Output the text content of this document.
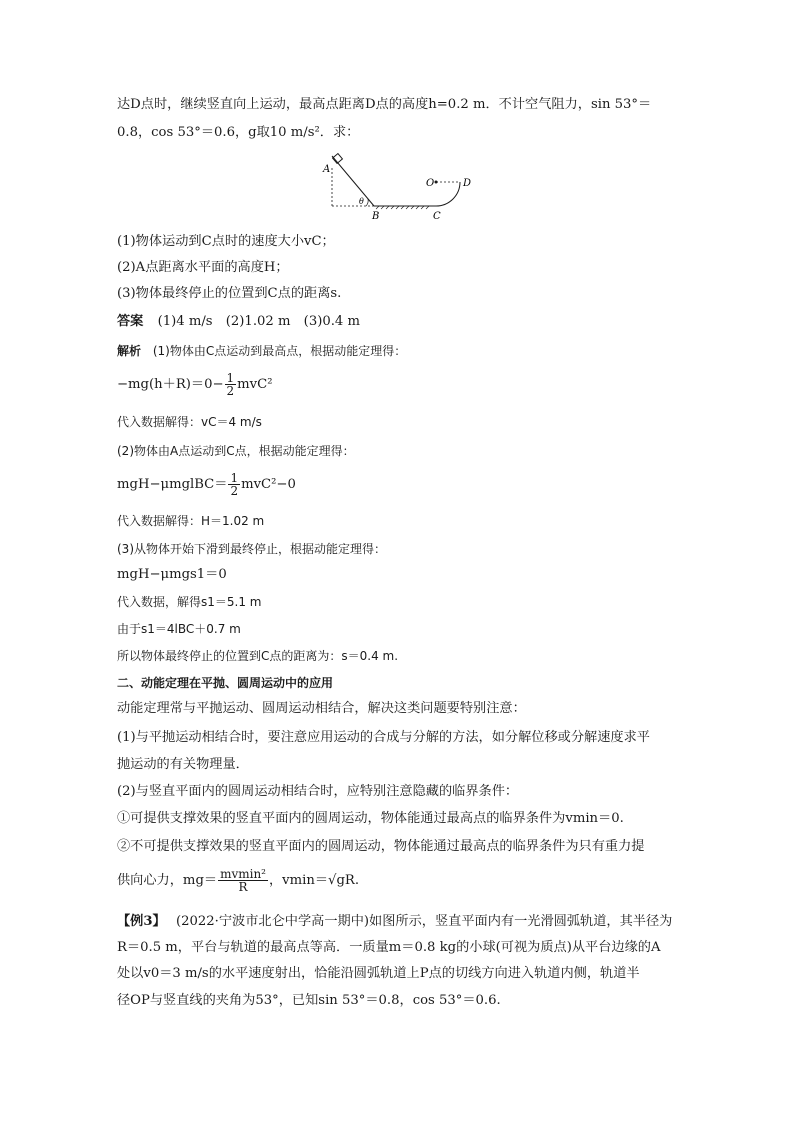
达D点时，继续竖直向上运动，最高点距离D点的高度h=0.2 m．不计空气阻力，sin 53°＝
0.8，cos 53°＝0.6，g取10 m/s²．求：
A
B	C
O	D
θ
(1)物体运动到C点时的速度大小vC；
(2)A点距离水平面的高度H；
(3)物体最终停止的位置到C点的距离s.
答案 (1)4 m/s　(2)1.02 m　(3)0.4 m
解析 (1)物体由C点运动到最高点，根据动能定理得：
$-mg(h+R)=0- \frac{1}{2} mvC^2$
代入数据解得：vC＝4 m/s
(2)物体由A点运动到C点，根据动能定理得：
mgH−μmglBC＝ $\frac{1}{2} mvC^2-0$
代入数据解得：H＝1.02 m
(3)从物体开始下滑到最终停止，根据动能定理得：
mgH−μmgs1＝0
代入数据，解得s1＝5.1 m
由于s1＝4lBC＋0.7 m
所以物体最终停止的位置到C点的距离为：s＝0.4 m.
二、动能定理在平抛、圆周运动中的应用
动能定理常与平抛运动、圆周运动相结合，解决这类问题要特别注意：
(1)与平抛运动相结合时，要注意应用运动的合成与分解的方法，如分解位移或分解速度求平
抛运动的有关物理量．
(2)与竖直平面内的圆周运动相结合时，应特别注意隐藏的临界条件：
①可提供支撑效果的竖直平面内的圆周运动，物体能通过最高点的临界条件为vmin＝0.
②不可提供支撑效果的竖直平面内的圆周运动，物体能通过最高点的临界条件为只有重力提
供向心力，$mg= \frac{\text{mvmin²}}{R}$ ，vmin＝√gR.
【例3】 (2022·宁波市北仑中学高一期中)如图所示，竖直平面内有一光滑圆弧轨道，其半径为
R＝0.5 m，平台与轨道的最高点等高．一质量m＝0.8 kg的小球(可视为质点)从平台边缘的A
处以v0＝3 m/s的水平速度射出，恰能沿圆弧轨道上P点的切线方向进入轨道内侧，轨道半
径OP与竖直线的夹角为53°，已知sin 53°＝0.8，cos 53°＝0.6.
